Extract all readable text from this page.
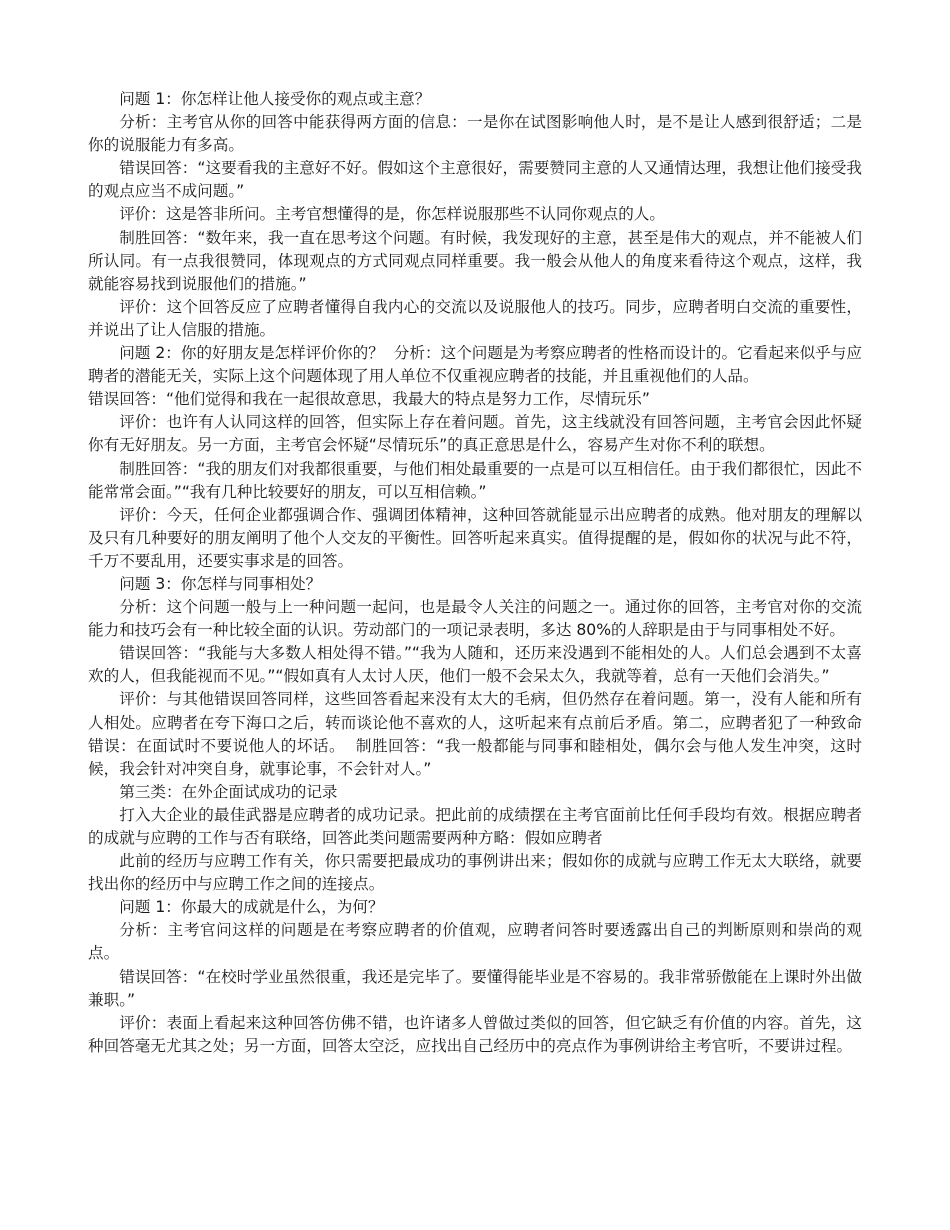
问题 1：你怎样让他人接受你的观点或主意？

分析：主考官从你的回答中能获得两方面的信息：一是你在试图影响他人时，是不是让人感到很舒适；二是你的说服能力有多高。

错误回答：“这要看我的主意好不好。假如这个主意很好，需要赞同主意的人又通情达理，我想让他们接受我的观点应当不成问题。”

评价：这是答非所问。主考官想懂得的是，你怎样说服那些不认同你观点的人。

制胜回答：“数年来，我一直在思考这个问题。有时候，我发现好的主意，甚至是伟大的观点，并不能被人们所认同。有一点我很赞同，体现观点的方式同观点同样重要。我一般会从他人的角度来看待这个观点，这样，我就能容易找到说服他们的措施。”

评价：这个回答反应了应聘者懂得自我内心的交流以及说服他人的技巧。同步，应聘者明白交流的重要性，并说出了让人信服的措施。

问题 2：你的好朋友是怎样评价你的？  分析：这个问题是为考察应聘者的性格而设计的。它看起来似乎与应聘者的潜能无关，实际上这个问题体现了用人单位不仅重视应聘者的技能，并且重视他们的人品。

错误回答：“他们觉得和我在一起很故意思，我最大的特点是努力工作，尽情玩乐”

评价：也许有人认同这样的回答，但实际上存在着问题。首先，这主线就没有回答问题，主考官会因此怀疑你有无好朋友。另一方面，主考官会怀疑“尽情玩乐”的真正意思是什么，容易产生对你不利的联想。

制胜回答：“我的朋友们对我都很重要，与他们相处最重要的一点是可以互相信任。由于我们都很忙，因此不能常常会面。”“我有几种比较要好的朋友，可以互相信赖。”

评价：今天，任何企业都强调合作、强调团体精神，这种回答就能显示出应聘者的成熟。他对朋友的理解以及只有几种要好的朋友阐明了他个人交友的平衡性。回答听起来真实。值得提醒的是，假如你的状况与此不符，千万不要乱用，还要实事求是的回答。

问题 3：你怎样与同事相处？

分析：这个问题一般与上一种问题一起问，也是最令人关注的问题之一。通过你的回答，主考官对你的交流能力和技巧会有一种比较全面的认识。劳动部门的一项记录表明，多达 80%的人辞职是由于与同事相处不好。

错误回答：“我能与大多数人相处得不错。”“我为人随和，还历来没遇到不能相处的人。人们总会遇到不太喜欢的人，但我能视而不见。”“假如真有人太讨人厌，他们一般不会呆太久，我就等着，总有一天他们会消失。”

评价：与其他错误回答同样，这些回答看起来没有太大的毛病，但仍然存在着问题。第一，没有人能和所有人相处。应聘者在夸下海口之后，转而谈论他不喜欢的人，这听起来有点前后矛盾。第二，应聘者犯了一种致命错误：在面试时不要说他人的坏话。  制胜回答：“我一般都能与同事和睦相处，偶尔会与他人发生冲突，这时候，我会针对冲突自身，就事论事，不会针对人。”

第三类：在外企面试成功的记录

打入大企业的最佳武器是应聘者的成功记录。把此前的成绩摆在主考官面前比任何手段均有效。根据应聘者的成就与应聘的工作与否有联络，回答此类问题需要两种方略：假如应聘者

此前的经历与应聘工作有关，你只需要把最成功的事例讲出来；假如你的成就与应聘工作无太大联络，就要找出你的经历中与应聘工作之间的连接点。

问题 1：你最大的成就是什么，为何？

分析：主考官问这样的问题是在考察应聘者的价值观，应聘者问答时要透露出自己的判断原则和崇尚的观点。

错误回答：“在校时学业虽然很重，我还是完毕了。要懂得能毕业是不容易的。我非常骄傲能在上课时外出做兼职。”

评价：表面上看起来这种回答仿佛不错，也许诸多人曾做过类似的回答，但它缺乏有价值的内容。首先，这种回答毫无尤其之处；另一方面，回答太空泛，应找出自己经历中的亮点作为事例讲给主考官听，不要讲过程。
